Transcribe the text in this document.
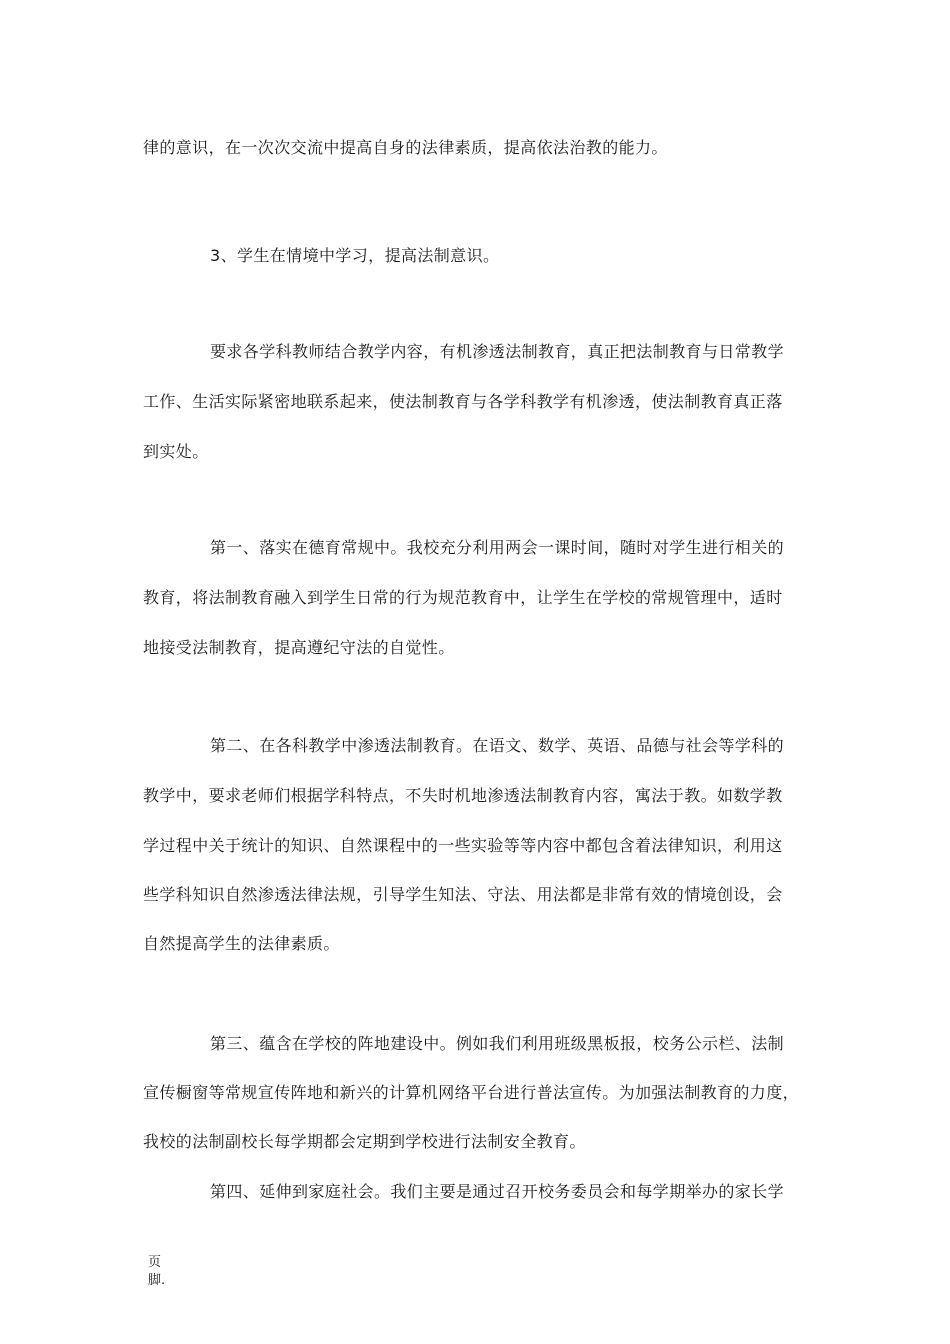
律的意识，在一次次交流中提高自身的法律素质，提高依法治教的能力。
3、学生在情境中学习，提高法制意识。
要求各学科教师结合教学内容，有机渗透法制教育，真正把法制教育与日常教学
工作、生活实际紧密地联系起来，使法制教育与各学科教学有机渗透，使法制教育真正落
到实处。
第一、落实在德育常规中。我校充分利用两会一课时间，随时对学生进行相关的
教育，将法制教育融入到学生日常的行为规范教育中，让学生在学校的常规管理中，适时
地接受法制教育，提高遵纪守法的自觉性。
第二、在各科教学中渗透法制教育。在语文、数学、英语、品德与社会等学科的
教学中，要求老师们根据学科特点，不失时机地渗透法制教育内容，寓法于教。如数学教
学过程中关于统计的知识、自然课程中的一些实验等等内容中都包含着法律知识，利用这
些学科知识自然渗透法律法规，引导学生知法、守法、用法都是非常有效的情境创设，会
自然提高学生的法律素质。
第三、蕴含在学校的阵地建设中。例如我们利用班级黑板报，校务公示栏、法制
宣传橱窗等常规宣传阵地和新兴的计算机网络平台进行普法宣传。为加强法制教育的力度，
我校的法制副校长每学期都会定期到学校进行法制安全教育。
第四、延伸到家庭社会。我们主要是通过召开校务委员会和每学期举办的家长学
页
脚.
